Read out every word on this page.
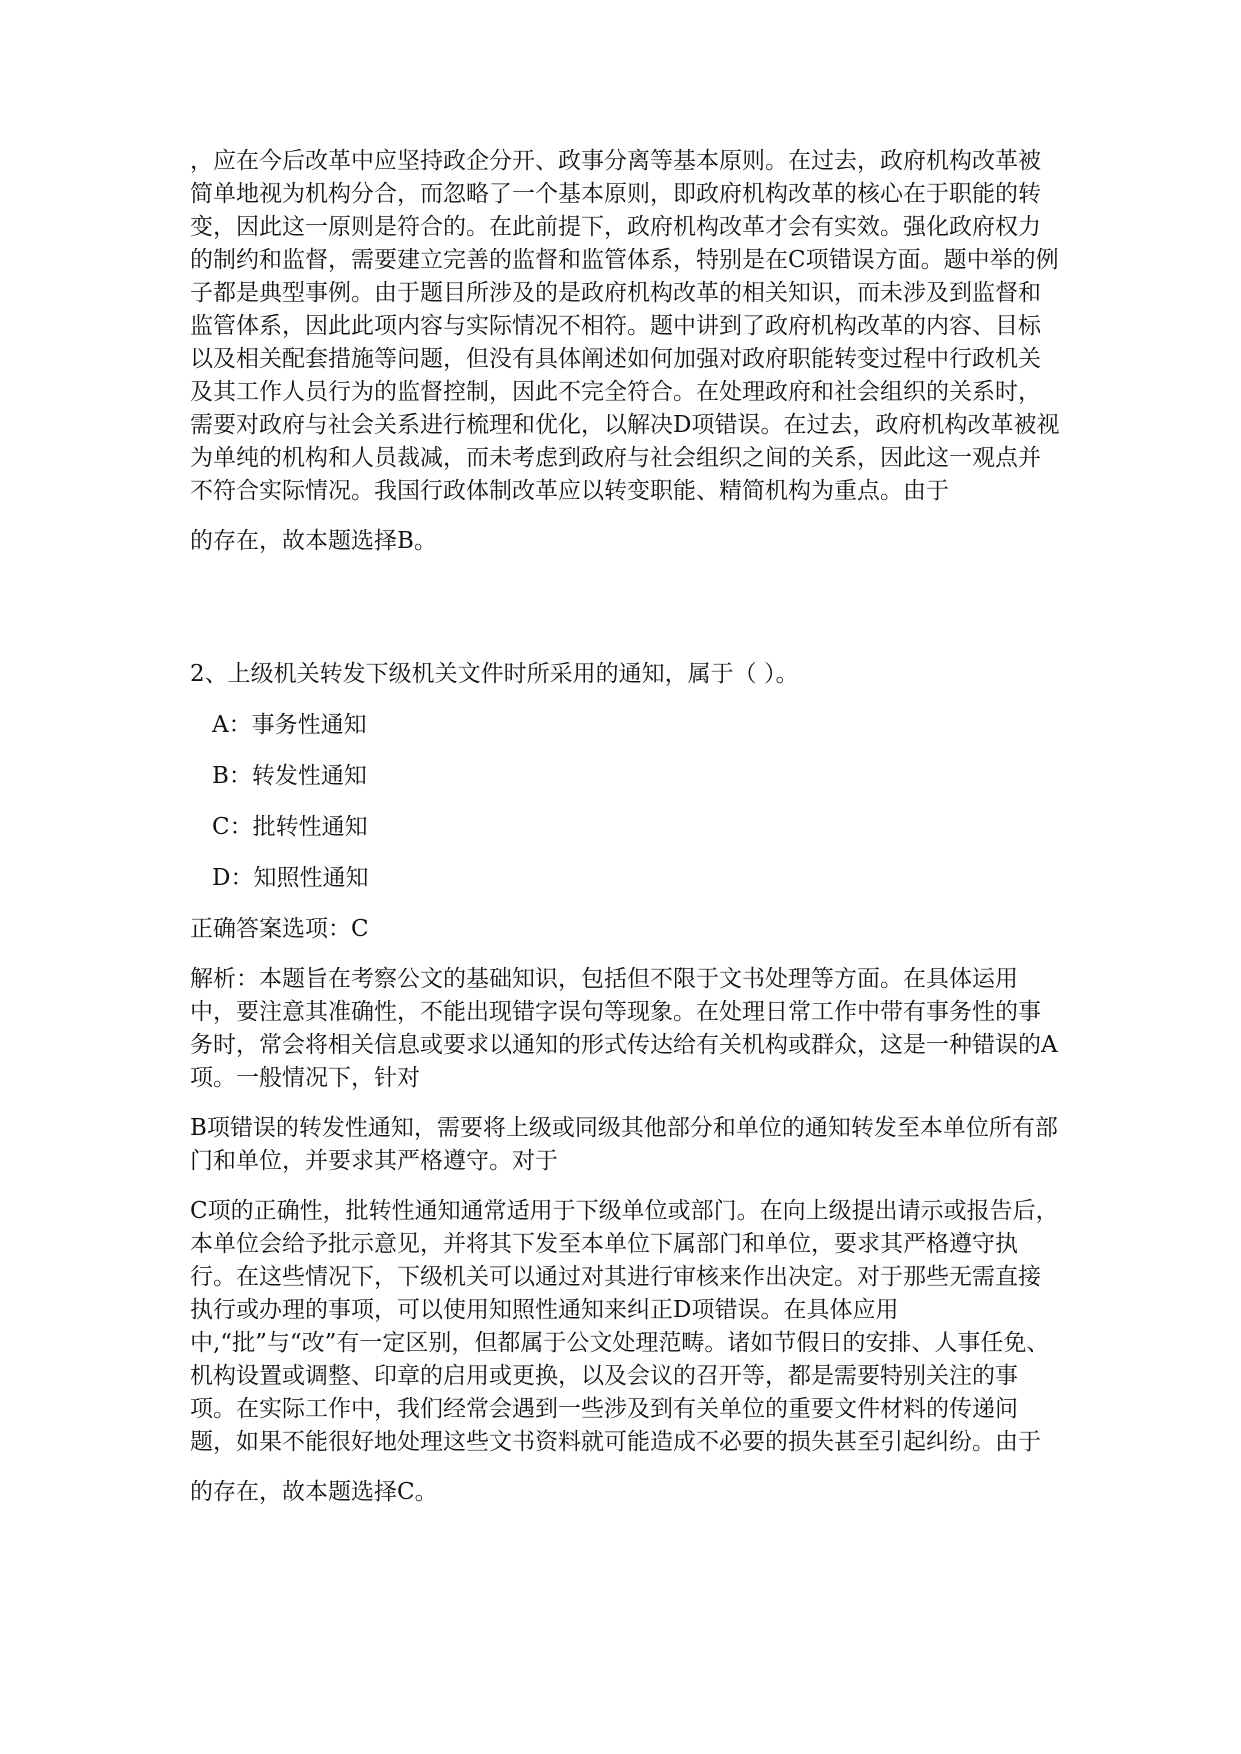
，应在今后改革中应坚持政企分开、政事分离等基本原则。在过去，政府机构改革被简单地视为机构分合，而忽略了一个基本原则，即政府机构改革的核心在于职能的转变，因此这一原则是符合的。在此前提下，政府机构改革才会有实效。强化政府权力的制约和监督，需要建立完善的监督和监管体系，特别是在C项错误方面。题中举的例子都是典型事例。由于题目所涉及的是政府机构改革的相关知识，而未涉及到监督和监管体系，因此此项内容与实际情况不相符。题中讲到了政府机构改革的内容、目标以及相关配套措施等问题，但没有具体阐述如何加强对政府职能转变过程中行政机关及其工作人员行为的监督控制，因此不完全符合。在处理政府和社会组织的关系时，需要对政府与社会关系进行梳理和优化，以解决D项错误。在过去，政府机构改革被视为单纯的机构和人员裁减，而未考虑到政府与社会组织之间的关系，因此这一观点并不符合实际情况。我国行政体制改革应以转变职能、精简机构为重点。由于

的存在，故本题选择B。

2、上级机关转发下级机关文件时所采用的通知，属于（ ）。

A：事务性通知

B：转发性通知

C：批转性通知

D：知照性通知

正确答案选项：C

解析：本题旨在考察公文的基础知识，包括但不限于文书处理等方面。在具体运用中，要注意其准确性，不能出现错字误句等现象。在处理日常工作中带有事务性的事务时，常会将相关信息或要求以通知的形式传达给有关机构或群众，这是一种错误的A项。一般情况下，针对

B项错误的转发性通知，需要将上级或同级其他部分和单位的通知转发至本单位所有部门和单位，并要求其严格遵守。对于

C项的正确性，批转性通知通常适用于下级单位或部门。在向上级提出请示或报告后，本单位会给予批示意见，并将其下发至本单位下属部门和单位，要求其严格遵守执行。在这些情况下，下级机关可以通过对其进行审核来作出决定。对于那些无需直接执行或办理的事项，可以使用知照性通知来纠正D项错误。在具体应用中,“批”与“改”有一定区别，但都属于公文处理范畴。诸如节假日的安排、人事任免、机构设置或调整、印章的启用或更换，以及会议的召开等，都是需要特别关注的事项。在实际工作中，我们经常会遇到一些涉及到有关单位的重要文件材料的传递问题，如果不能很好地处理这些文书资料就可能造成不必要的损失甚至引起纠纷。由于

的存在，故本题选择C。
